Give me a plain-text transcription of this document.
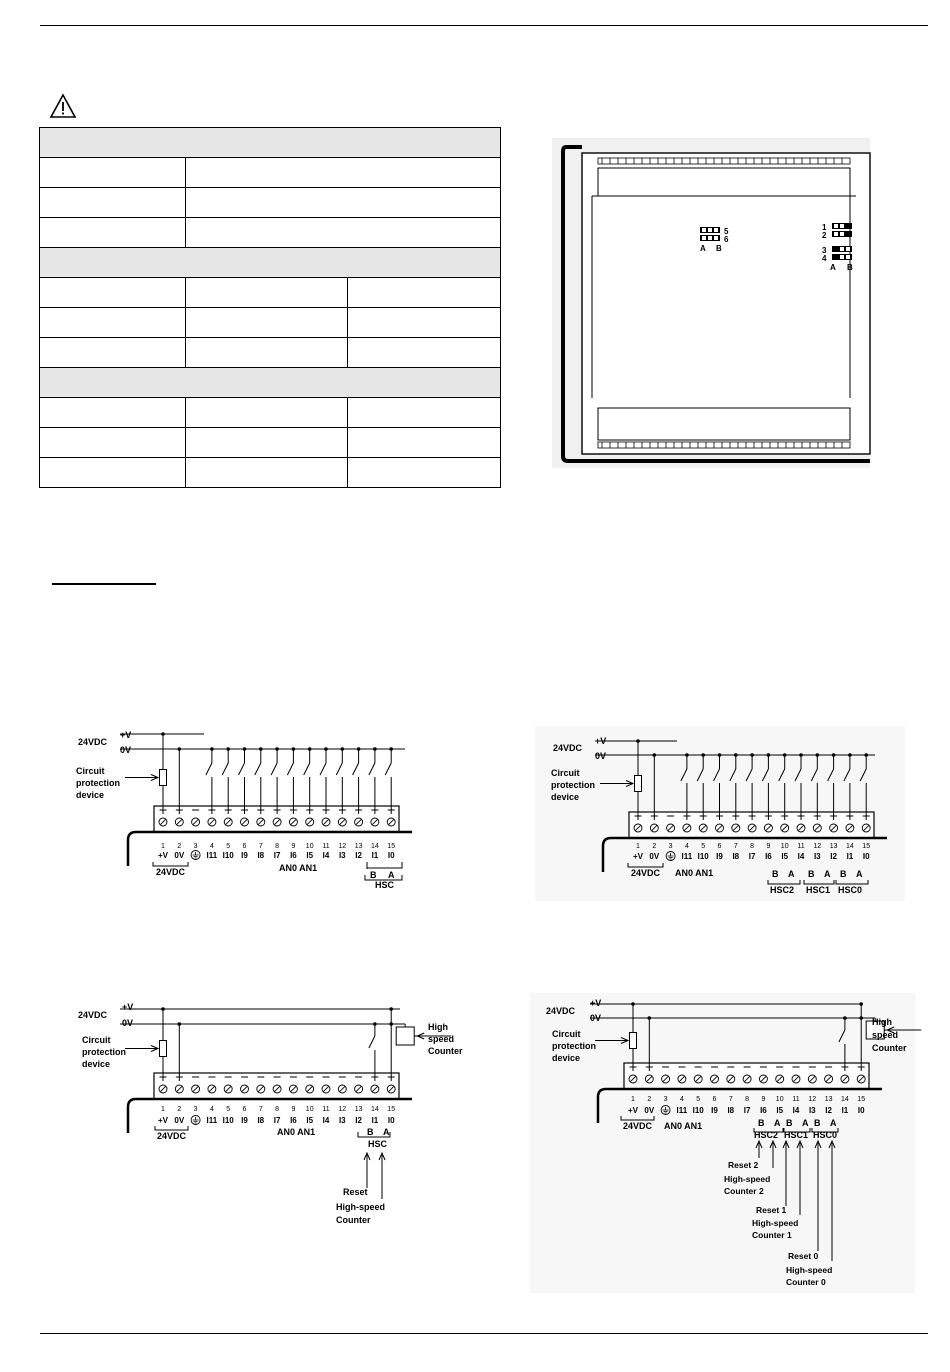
5
6
A B
1
2
3
4
A B
+V
24VDC
0V
Circuit
protection
device
1 2 3 4 5 6 7 8 9 10 11 12 13 14 15
+V 0V	I11 I10 I9 I8 I7 I6 I5 I4 I3 I2 I1 I0
24VDC	AN0 AN1
B A
HSC
+V
24VDC
0V
Circuit
protection
device
1 2 3 4 5 6 7 8 9 10 11 12 13 14 15
+V 0V	I11 I10 I9 I8 I7 I6 I5 I4 I3 I2 I1 I0
24VDC AN0 AN1	B A B A B A
HSC2 HSC1 HSC0
+V
24VDC
0V
Circuit
protection
device
High
speed
Counter
1 2 3 4 5 6 7 8 9 10 11 12 13 14 15
+V 0V	I11 I10 I9 I8 I7 I6 I5 I4 I3 I2 I1 I0
24VDC	AN0 AN1	B A
HSC
Reset
High-speed
Counter
+V
24VDC
0V
Circuit
protection
device
High
speed
Counter
1 2 3 4 5 6 7 8 9 10 11 12 13 14 15
+V 0V	I11 I10 I9 I8 I7 I6 I5 I4 I3 I2 I1 I0
24VDC AN0 AN1	B A B A B A
HSC2 HSC1 HSC0
Reset 2
High-speed
Counter 2
Reset 1
High-speed
Counter 1
Reset 0
High-speed
Counter 0
